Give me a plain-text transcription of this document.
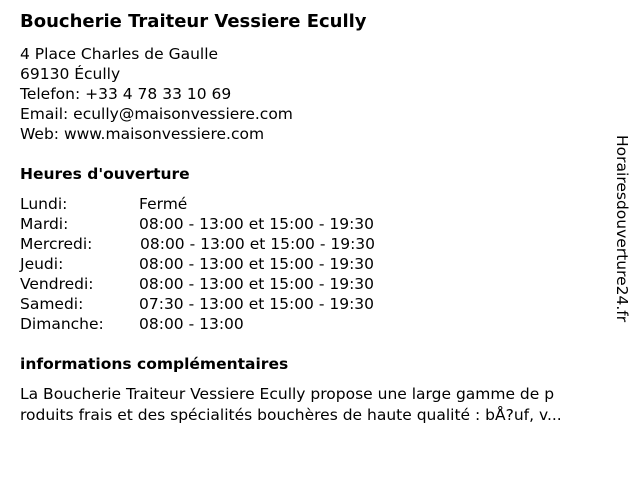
Boucherie Traiteur Vessiere Ecully
4 Place Charles de Gaulle
69130 Écully
Telefon: +33 4 78 33 10 69
Email: ecully@maisonvessiere.com
Web: www.maisonvessiere.com
Heures d'ouverture
Lundi:	Fermé
Mardi:	08:00 - 13:00 et 15:00 - 19:30
Mercredi:	08:00 - 13:00 et 15:00 - 19:30
Jeudi:	08:00 - 13:00 et 15:00 - 19:30
Vendredi:	08:00 - 13:00 et 15:00 - 19:30
Samedi:	07:30 - 13:00 et 15:00 - 19:30
Dimanche: 08:00 - 13:00
informations complémentaires
La Boucherie Traiteur Vessiere Ecully propose une large gamme de p
roduits frais et des spécialités bouchères de haute qualité : bÅ?uf, v...
Horairesdouverture24.fr
